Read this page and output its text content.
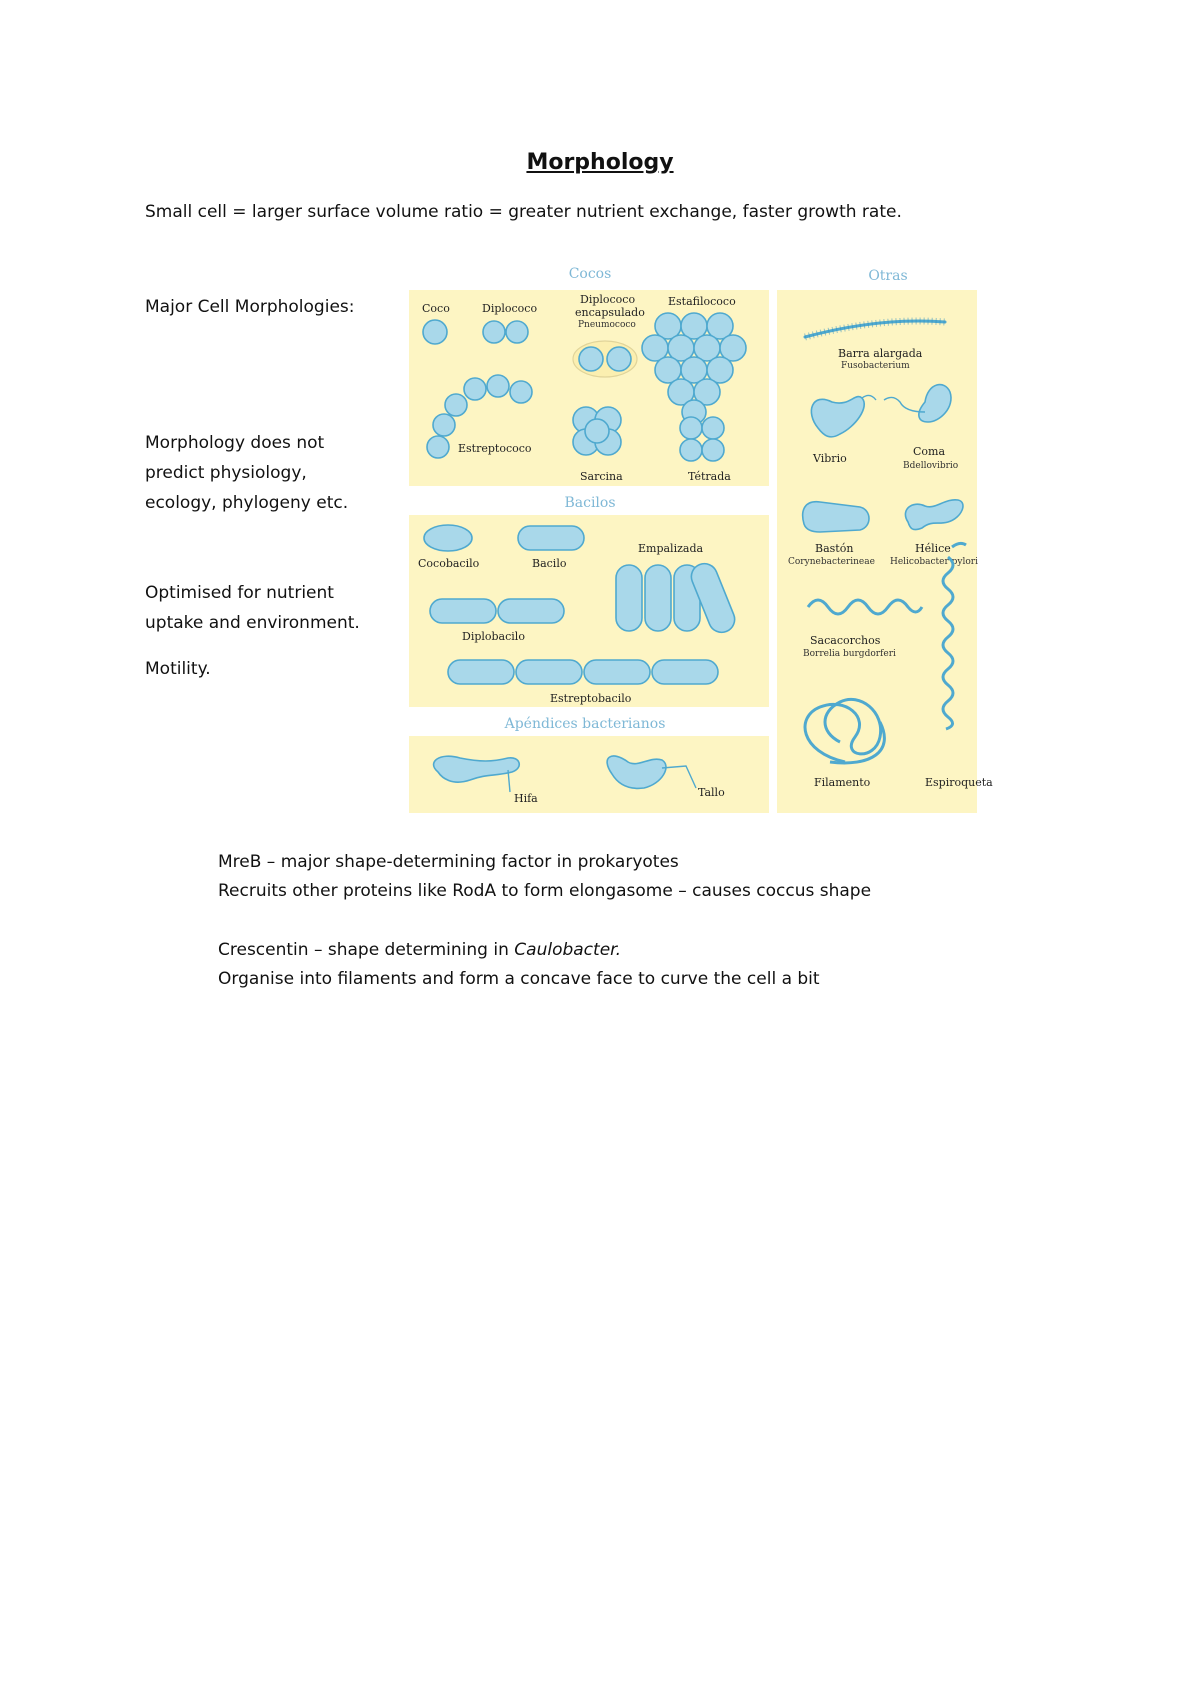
Morphology
Small cell = larger surface volume ratio = greater nutrient exchange, faster growth rate.
Major Cell Morphologies:
Morphology does not
predict physiology,
ecology, phylogeny etc.
Optimised for nutrient
uptake and environment.
Motility.
Cocos	Otras
Bacilos
Apéndices bacterianos
Coco	Diplococo
Diplococo
encapsulado
Pneumococo
Estafilococo
Estreptococo
Sarcina	Tétrada
Barra alargada
Fusobacterium
Vibrio
Coma
Bdellovibrio
Bastón
Corynebacterineae
Hélice
Helicobacter pylori
Sacacorchos
Borrelia burgdorferi
Filamento	Espiroqueta
Cocobacilo	Bacilo
Empalizada
Diplobacilo
Estreptobacilo
Hifa	Tallo

MreB – major shape-determining factor in prokaryotes

Recruits other proteins like RodA to form elongasome – causes coccus shape

Crescentin – shape determining in Caulobacter.

Organise into filaments and form a concave face to curve the cell a bit
